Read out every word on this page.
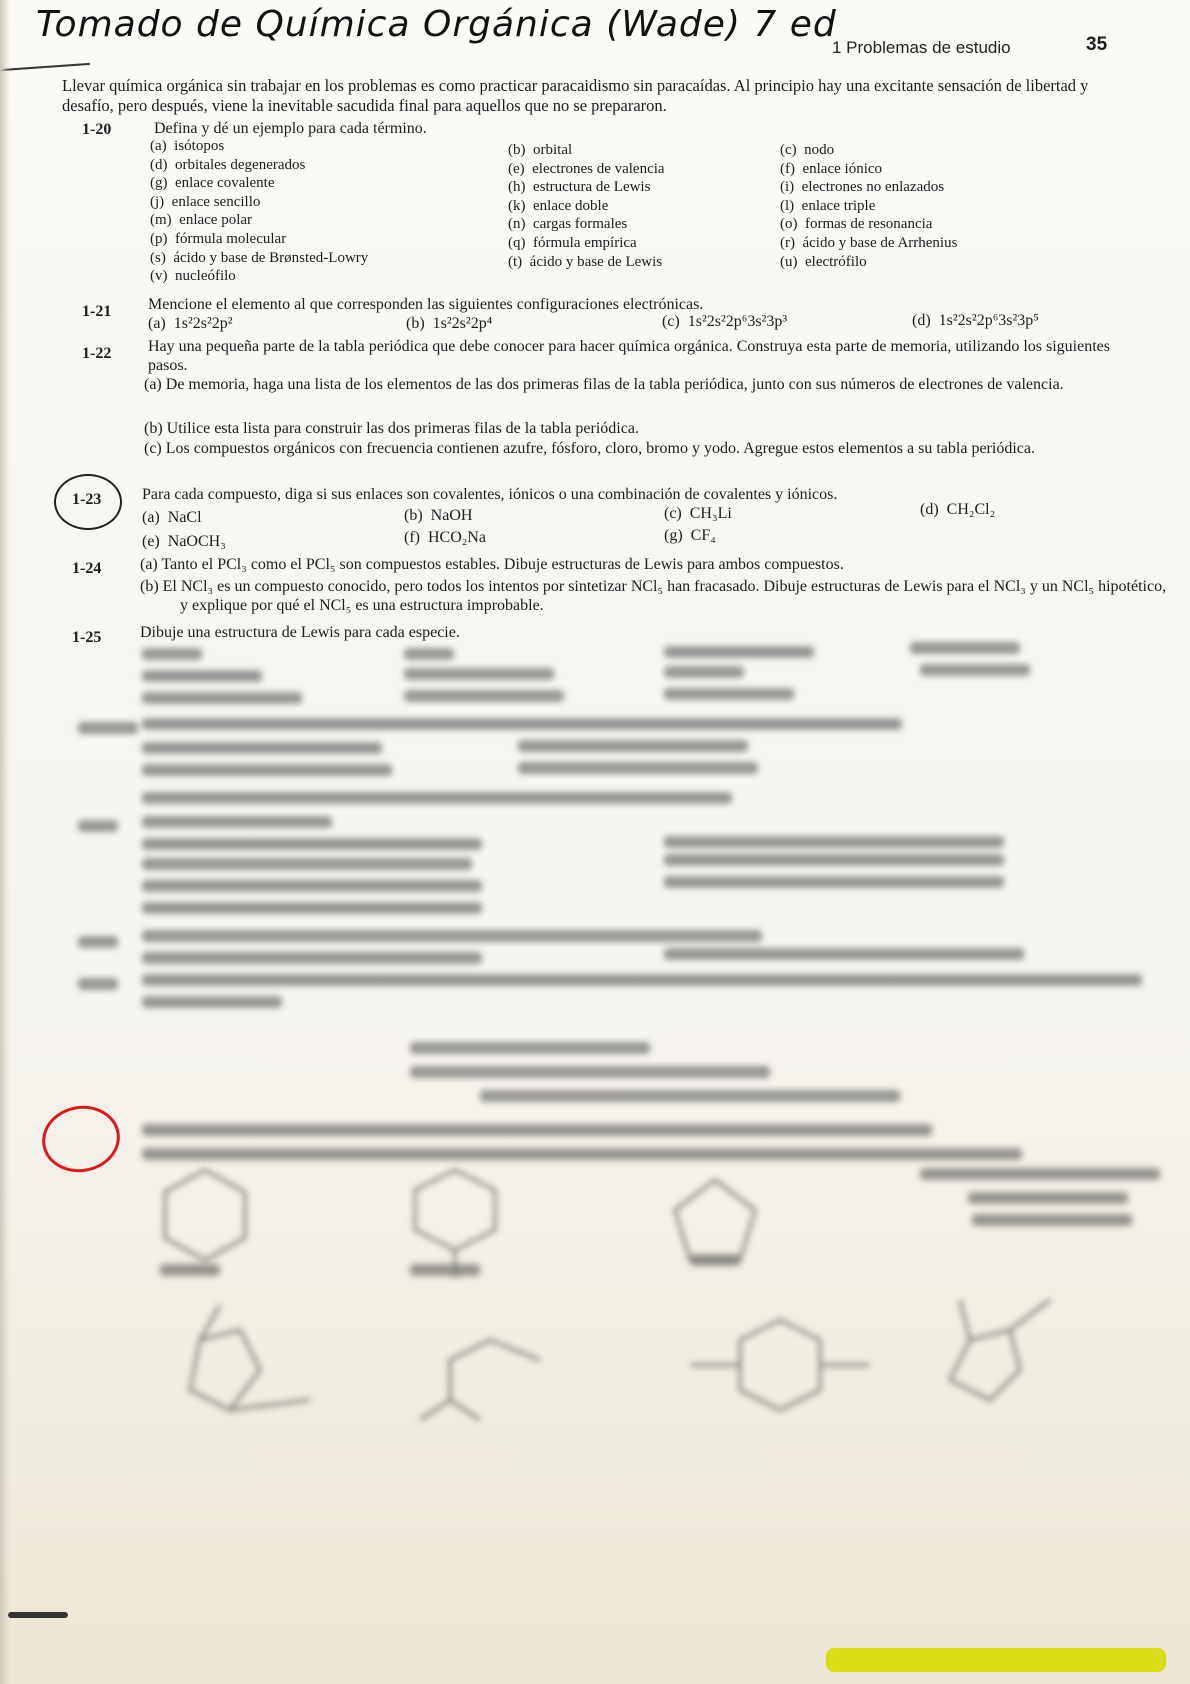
Tomado de Química Orgánica (Wade) 7 ed
1 Problemas de estudio	35
Llevar química orgánica sin trabajar en los problemas es como practicar paracaidismo sin paracaídas. Al principio hay una excitante sensación de libertad y desafío, pero después, viene la inevitable sacudida final para aquellos que no se prepararon.
1-20	Defina y dé un ejemplo para cada término.
(a)  isótopos
(d)  orbitales degenerados
(g)  enlace covalente
(j)  enlace sencillo
(m)  enlace polar
(p)  fórmula molecular
(s)  ácido y base de Brønsted-Lowry
(v)  nucleófilo
(b)  orbital
(e)  electrones de valencia
(h)  estructura de Lewis
(k)  enlace doble
(n)  cargas formales
(q)  fórmula empírica
(t)  ácido y base de Lewis
(c)  nodo
(f)  enlace iónico
(i)  electrones no enlazados
(l)  enlace triple
(o)  formas de resonancia
(r)  ácido y base de Arrhenius
(u)  electrófilo
1-21 Mencione el elemento al que corresponden las siguientes configuraciones electrónicas.
(a)  1s²2s²2p²	(b)  1s²2s²2p⁴	(c)  1s²2s²2p⁶3s²3p³	(d)  1s²2s²2p⁶3s²3p⁵
1-22 Hay una pequeña parte de la tabla periódica que debe conocer para hacer química orgánica. Construya esta parte de memoria, utilizando los siguientes pasos.
(a) De memoria, haga una lista de los elementos de las dos primeras filas de la tabla periódica, junto con sus números de electrones de valencia.
(b) Utilice esta lista para construir las dos primeras filas de la tabla periódica.
(c) Los compuestos orgánicos con frecuencia contienen azufre, fósforo, cloro, bromo y yodo. Agregue estos elementos a su tabla periódica.
1-23	Para cada compuesto, diga si sus enlaces son covalentes, iónicos o una combinación de covalentes y iónicos.
(a)  NaCl	(b)  NaOH	(c)  CH₃Li	(d)  CH₂Cl₂
(e)  NaOCH₃	(f)  HCO₂Na	(g)  CF₄
1-24 (a) Tanto el PCl₃ como el PCl₅ son compuestos estables. Dibuje estructuras de Lewis para ambos compuestos.
(b) El NCl₃ es un compuesto conocido, pero todos los intentos por sintetizar NCl₅ han fracasado. Dibuje estructuras de Lewis para el NCl₃ y un NCl₅ hipotético, y explique por qué el NCl₅ es una estructura improbable.
1-25 Dibuje una estructura de Lewis para cada especie.
